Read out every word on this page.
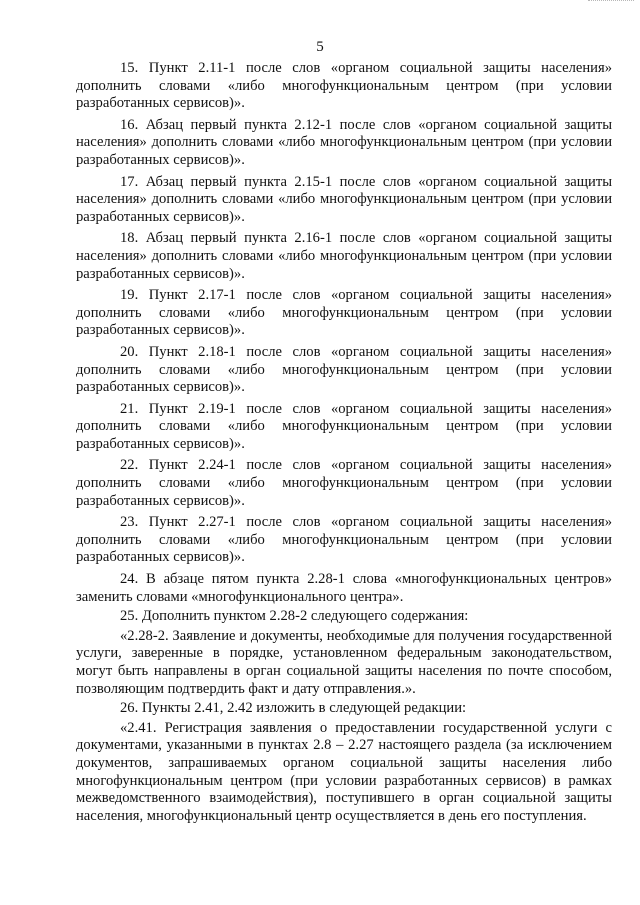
5

15. Пункт 2.11-1 после слов «органом социальной защиты населения» дополнить словами «либо многофункциональным центром (при условии разработанных сервисов)».

16. Абзац первый пункта 2.12-1 после слов «органом социальной защиты населения» дополнить словами «либо многофункциональным центром (при условии разработанных сервисов)».

17. Абзац первый пункта 2.15-1 после слов «органом социальной защиты населения» дополнить словами «либо многофункциональным центром (при условии разработанных сервисов)».

18. Абзац первый пункта 2.16-1 после слов «органом социальной защиты населения» дополнить словами «либо многофункциональным центром (при условии разработанных сервисов)».

19. Пункт 2.17-1 после слов «органом социальной защиты населения» дополнить словами «либо многофункциональным центром (при условии разработанных сервисов)».

20. Пункт 2.18-1 после слов «органом социальной защиты населения» дополнить словами «либо многофункциональным центром (при условии разработанных сервисов)».

21. Пункт 2.19-1 после слов «органом социальной защиты населения» дополнить словами «либо многофункциональным центром (при условии разработанных сервисов)».

22. Пункт 2.24-1 после слов «органом социальной защиты населения» дополнить словами «либо многофункциональным центром (при условии разработанных сервисов)».

23. Пункт 2.27-1 после слов «органом социальной защиты населения» дополнить словами «либо многофункциональным центром (при условии разработанных сервисов)».

24. В абзаце пятом пункта 2.28-1 слова «многофункциональных центров» заменить словами «многофункционального центра».

25. Дополнить пунктом 2.28-2 следующего содержания:

«2.28-2. Заявление и документы, необходимые для получения государственной услуги, заверенные в порядке, установленном федеральным законодательством, могут быть направлены в орган социальной защиты населения по почте способом, позволяющим подтвердить факт и дату отправления.».

26. Пункты 2.41, 2.42 изложить в следующей редакции:

«2.41. Регистрация заявления о предоставлении государственной услуги с документами, указанными в пунктах 2.8 – 2.27 настоящего раздела (за исключением документов, запрашиваемых органом социальной защиты населения либо многофункциональным центром (при условии разработанных сервисов) в рамках межведомственного взаимодействия), поступившего в орган социальной защиты населения, многофункциональный центр осуществляется в день его поступления.
